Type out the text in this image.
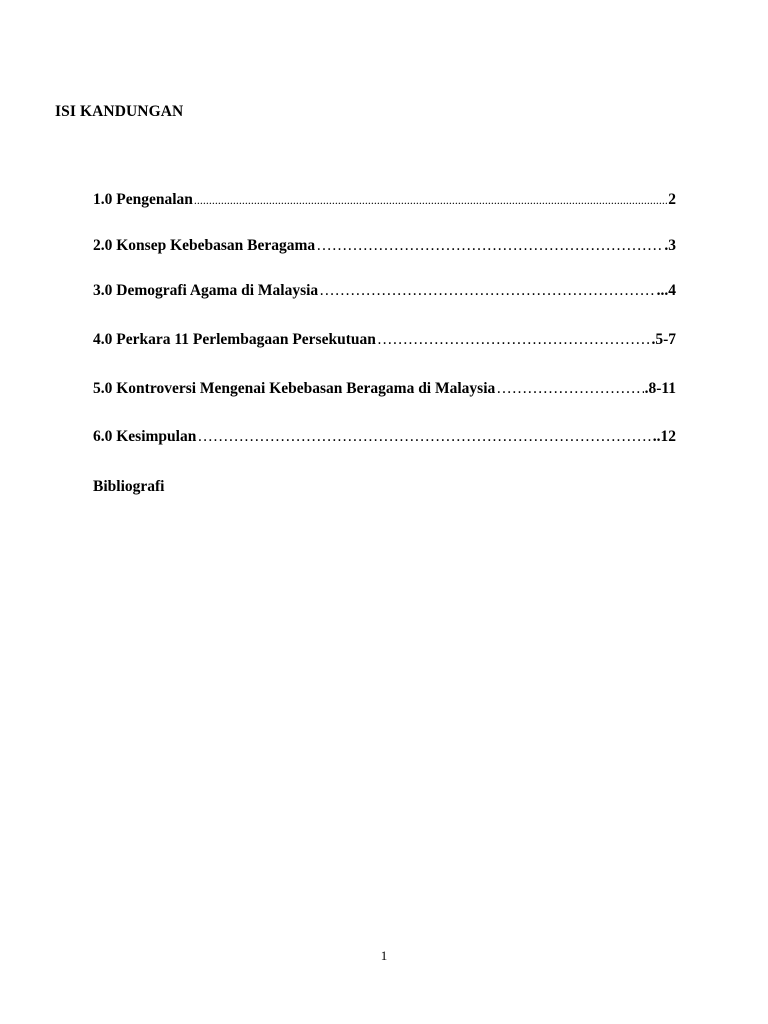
ISI KANDUNGAN
1.0 Pengenalan .....	2
2.0 Konsep Kebebasan Beragama …………………………………………………………………………………………………………………………………………………………………	.3
3.0 Demografi Agama di Malaysia …………………………………………………………………………………………………………………………………………………………………	...4
4.0 Perkara 11 Perlembagaan Persekutuan …………………………………………………………………………………………………………………………………………………………………	.5-7
5.0 Kontroversi Mengenai Kebebasan Beragama di Malaysia …………………………………………………………………………………………………………………………………………………………………	.8-11
6.0 Kesimpulan …………………………………………………………………………………………………………………………………………………………………	..12
Bibliografi
1
